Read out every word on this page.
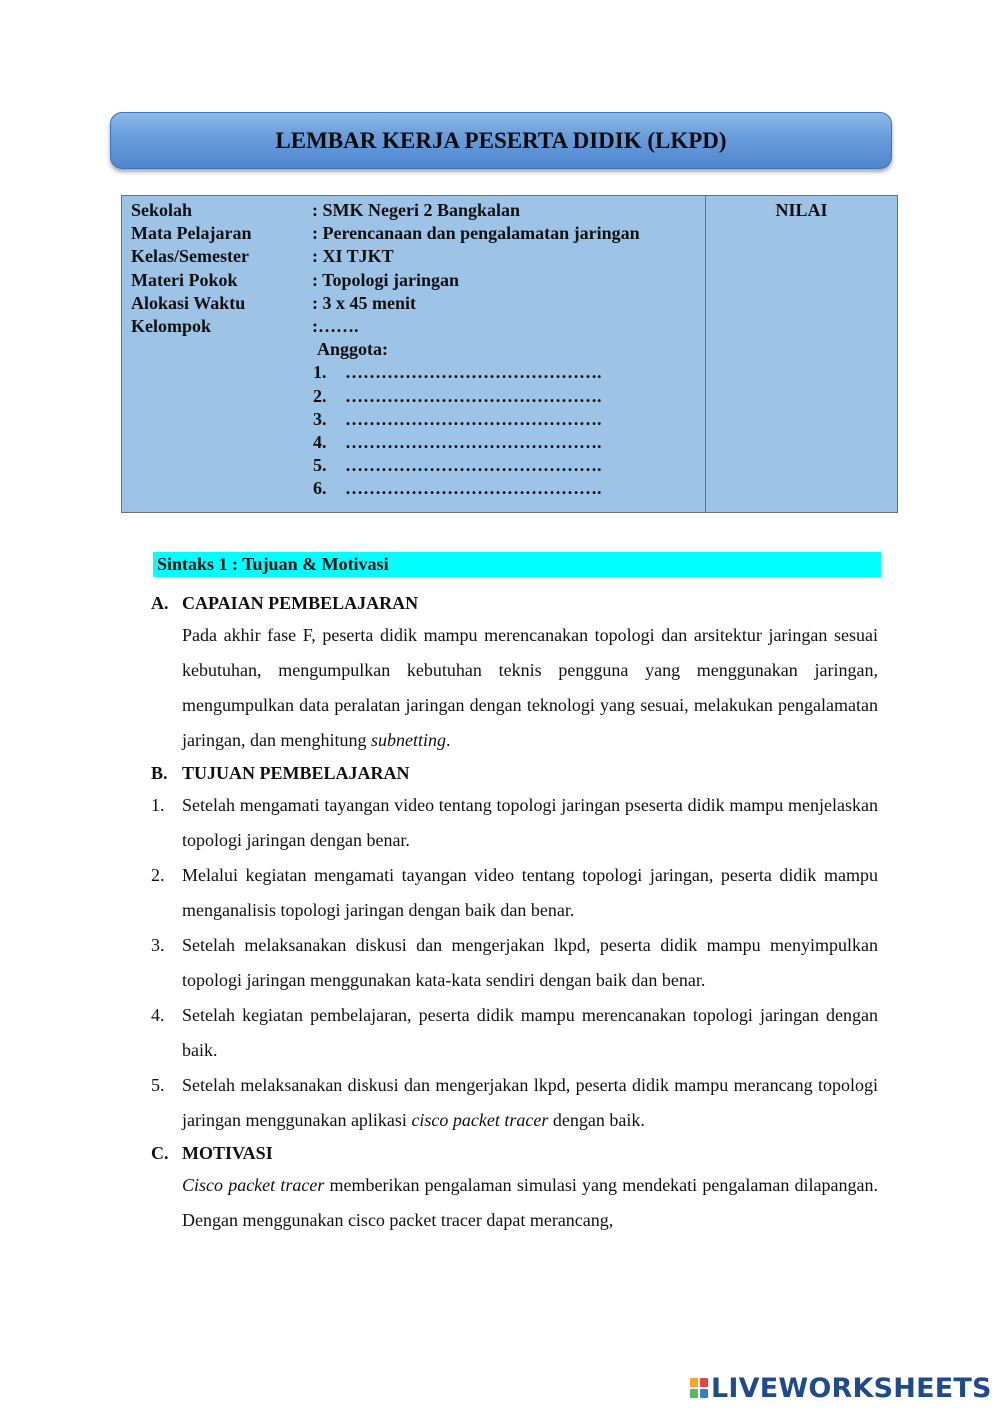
LEMBAR KERJA PESERTA DIDIK (LKPD)
Sekolah	: SMK Negeri 2 Bangkalan
Mata Pelajaran	: Perencanaan dan pengalamatan jaringan
Kelas/Semester	: XI TJKT
Materi Pokok	: Topologi jaringan
Alokasi Waktu	: 3 x 45 menit
Kelompok	:…….
Anggota:
1.	…………………………………….
2.	…………………………………….
3.	…………………………………….
4.	…………………………………….
5.	…………………………………….
6.	…………………………………….
	NILAI
Sintaks 1 : Tujuan & Motivasi
A. CAPAIAN PEMBELAJARAN
Pada akhir fase F, peserta didik mampu merencanakan topologi dan arsitektur jaringan sesuai kebutuhan, mengumpulkan kebutuhan teknis pengguna yang menggunakan jaringan, mengumpulkan data peralatan jaringan dengan teknologi yang sesuai, melakukan pengalamatan jaringan, dan menghitung subnetting.
B. TUJUAN PEMBELAJARAN
1. Setelah mengamati tayangan video tentang topologi jaringan pseserta didik mampu menjelaskan topologi jaringan dengan benar.
2. Melalui kegiatan mengamati tayangan video tentang topologi jaringan, peserta didik mampu menganalisis topologi jaringan dengan baik dan benar.
3. Setelah melaksanakan diskusi dan mengerjakan lkpd, peserta didik mampu menyimpulkan topologi jaringan menggunakan kata-kata sendiri dengan baik dan benar.
4. Setelah kegiatan pembelajaran, peserta didik mampu merencanakan topologi jaringan dengan baik.
5. Setelah melaksanakan diskusi dan mengerjakan lkpd, peserta didik mampu merancang topologi jaringan menggunakan aplikasi cisco packet tracer dengan baik.
C. MOTIVASI
Cisco packet tracer memberikan pengalaman simulasi yang mendekati pengalaman dilapangan. Dengan menggunakan cisco packet tracer dapat merancang,
LIVEWORKSHEETS
